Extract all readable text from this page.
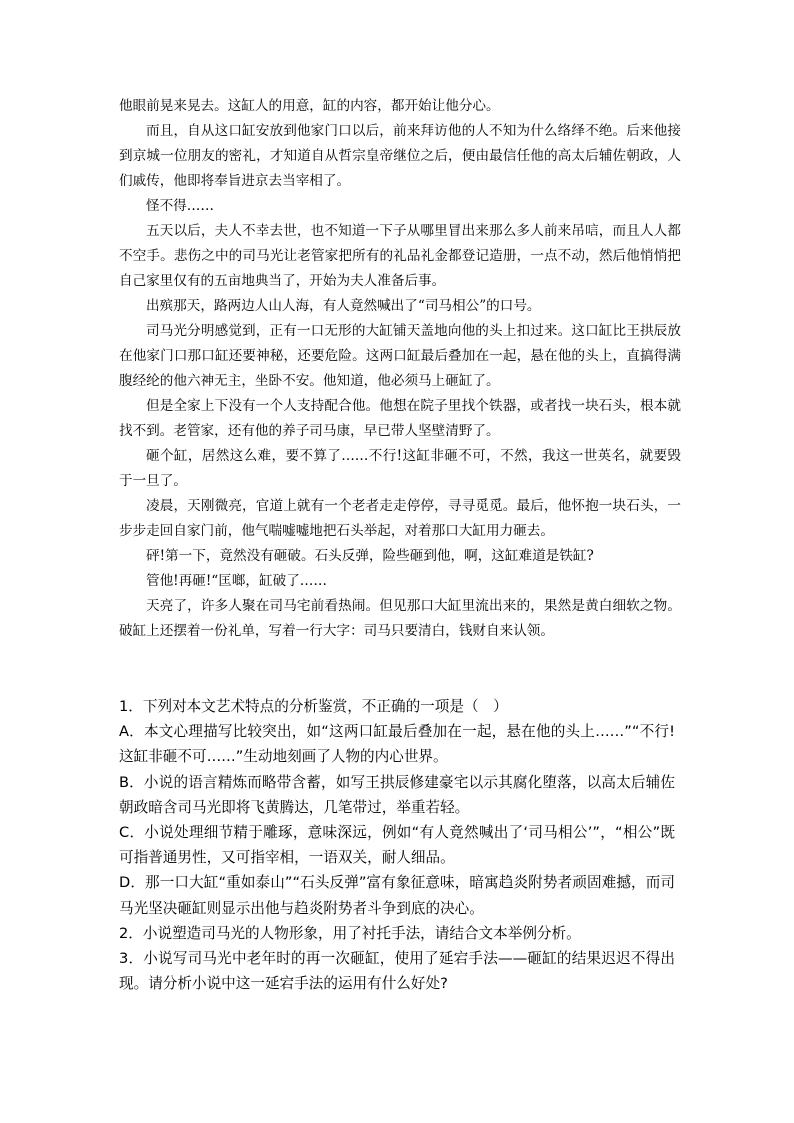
他眼前晃来晃去。这缸人的用意，缸的内容，都开始让他分心。

而且，自从这口缸安放到他家门口以后，前来拜访他的人不知为什么络绎不绝。后来他接到京城一位朋友的密礼，才知道自从哲宗皇帝继位之后，便由最信任他的高太后辅佐朝政，人们戚传，他即将奉旨进京去当宰相了。

怪不得……

五天以后，夫人不幸去世，也不知道一下子从哪里冒出来那么多人前来吊唁，而且人人都不空手。悲伤之中的司马光让老管家把所有的礼品礼金都登记造册，一点不动，然后他悄悄把自己家里仅有的五亩地典当了，开始为夫人准备后事。

出殡那天，路两边人山人海，有人竟然喊出了“司马相公”的口号。

司马光分明感觉到，正有一口无形的大缸铺天盖地向他的头上扣过来。这口缸比王拱辰放在他家门口那口缸还要神秘，还要危险。这两口缸最后叠加在一起，悬在他的头上，直搞得满腹经纶的他六神无主，坐卧不安。他知道，他必须马上砸缸了。

但是全家上下没有一个人支持配合他。他想在院子里找个铁器，或者找一块石头，根本就找不到。老管家，还有他的养子司马康，早已带人坚壁清野了。

砸个缸，居然这么难，要不算了……不行!这缸非砸不可，不然，我这一世英名，就要毁于一旦了。

凌晨，天刚微亮，官道上就有一个老者走走停停，寻寻觅觅。最后，他怀抱一块石头，一步步走回自家门前，他气喘嘘嘘地把石头举起，对着那口大缸用力砸去。

砰!第一下，竟然没有砸破。石头反弹，险些砸到他，啊，这缸难道是铁缸?

管他!再砸!“匡啷，缸破了……

天亮了，许多人聚在司马宅前看热闹。但见那口大缸里流出来的，果然是黄白细软之物。破缸上还摆着一份礼单，写着一行大字：司马只要清白，钱财自来认领。

1．下列对本文艺术特点的分析鉴赏，不正确的一项是（　）

A．本文心理描写比较突出，如“这两口缸最后叠加在一起，悬在他的头上……”“不行!这缸非砸不可……”生动地刻画了人物的内心世界。

B．小说的语言精炼而略带含蓄，如写王拱辰修建豪宅以示其腐化堕落，以高太后辅佐朝政暗含司马光即将飞黄腾达，几笔带过，举重若轻。

C．小说处理细节精于雕琢，意味深远，例如“有人竟然喊出了‘司马相公’”，“相公”既可指普通男性，又可指宰相，一语双关，耐人细品。

D．那一口大缸“重如泰山”“石头反弹”富有象征意味，暗寓趋炎附势者顽固难撼，而司马光坚决砸缸则显示出他与趋炎附势者斗争到底的决心。

2．小说塑造司马光的人物形象，用了衬托手法，请结合文本举例分析。

3．小说写司马光中老年时的再一次砸缸，使用了延宕手法——砸缸的结果迟迟不得出现。请分析小说中这一延宕手法的运用有什么好处?
